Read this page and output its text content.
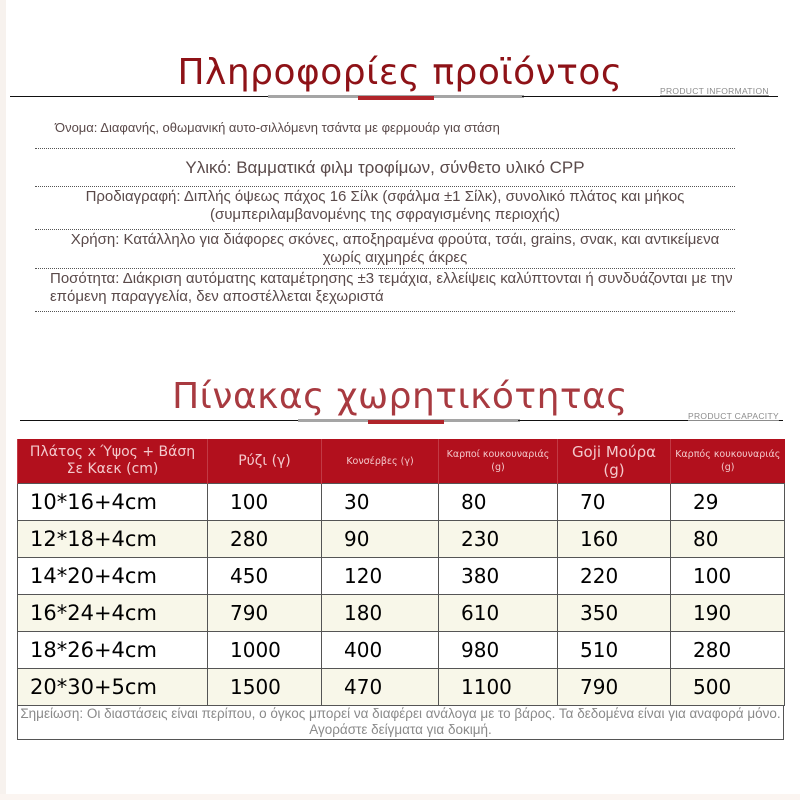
Πληροφορίες προϊόντος	PRODUCT INFORMATION
Όνομα: Διαφανής, οθωμανική αυτο-σιλλόμενη τσάντα με φερμουάρ για στάση
Υλικό: Βαμματικά φιλμ τροφίμων, σύνθετο υλικό CPP
Προδιαγραφή: Διπλής όψεως πάχος 16 Σίλκ (σφάλμα ±1 Σίλκ), συνολικό πλάτος και μήκος (συμπεριλαμβανομένης της σφραγισμένης περιοχής)
Χρήση: Κατάλληλο για διάφορες σκόνες, αποξηραμένα φρούτα, τσάι, grains, σνακ, και αντικείμενα χωρίς αιχμηρές άκρες
Ποσότητα: Διάκριση αυτόματης καταμέτρησης ±3 τεμάχια, ελλείψεις καλύπτονται ή συνδυάζονται με την επόμενη παραγγελία, δεν αποστέλλεται ξεχωριστά
Πίνακας χωρητικότητας	PRODUCT CAPACITY
Πλάτος x Ύψος + Βάση Σε Καεκ (cm)	Ρύζι (γ)	Κονσέρβες (γ)	Καρποί κουκουναριάς (g)	Goji Μούρα (g)	Καρπός κουκουναριάς (g)
10*16+4cm	100	30	80	70	29
12*18+4cm	280	90	230	160	80
14*20+4cm	450	120	380	220	100
16*24+4cm	790	180	610	350	190
18*26+4cm	1000	400	980	510	280
20*30+5cm	1500	470	1100	790	500
Σημείωση: Οι διαστάσεις είναι περίπου, ο όγκος μπορεί να διαφέρει ανάλογα με το βάρος. Τα δεδομένα είναι για αναφορά μόνο. Αγοράστε δείγματα για δοκιμή.
